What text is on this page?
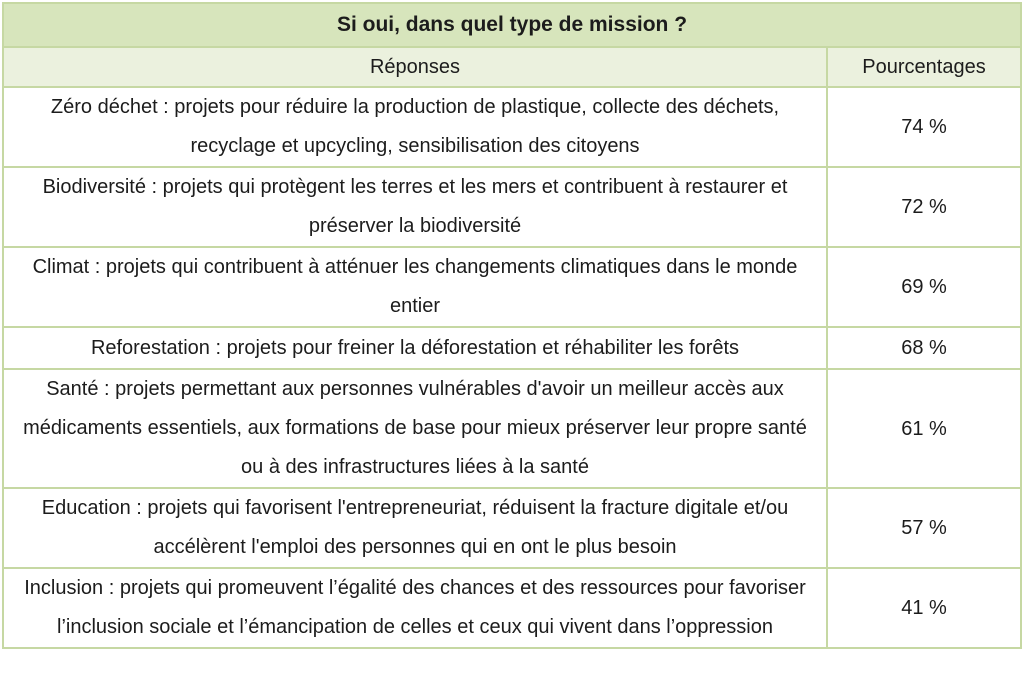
Si oui, dans quel type de mission ?	
Réponses	Pourcentages
Zéro déchet : projets pour réduire la production de plastique, collecte des déchets, recyclage et upcycling, sensibilisation des citoyens	74 %
Biodiversité : projets qui protègent les terres et les mers et contribuent à restaurer et préserver la biodiversité	72 %
Climat : projets qui contribuent à atténuer les changements climatiques dans le monde entier	69 %
Reforestation : projets pour freiner la déforestation et réhabiliter les forêts	68 %
Santé : projets permettant aux personnes vulnérables d'avoir un meilleur accès aux médicaments essentiels, aux formations de base pour mieux préserver leur propre santé ou à des infrastructures liées à la santé	61 %
Education : projets qui favorisent l'entrepreneuriat, réduisent la fracture digitale et/ou accélèrent l'emploi des personnes qui en ont le plus besoin	57 %
Inclusion : projets qui promeuvent l’égalité des chances et des ressources pour favoriser l’inclusion sociale et l’émancipation de celles et ceux qui vivent dans l’oppression	41 %
